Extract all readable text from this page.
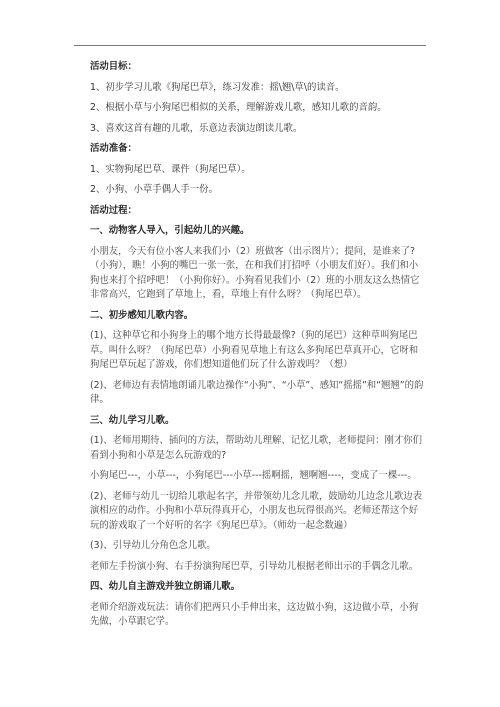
活动目标：

1、初步学习儿歌《狗尾巴草》，练习发准：摇\翘\草\的读音。

2、根据小草与小狗尾巴相似的关系，理解游戏儿歌，感知儿歌的音韵。

3、喜欢这首有趣的儿歌，乐意边表演边朗读儿歌。

活动准备：

1、实物狗尾巴草、课件（狗尾巴草）。

2、小狗、小草手偶人手一份。

活动过程：

一、动物客人导入，引起幼儿的兴趣。

小朋友，今天有位小客人来我们小（2）班做客（出示图片）；提问，是谁来了?（小狗），瞧！小狗的嘴巴一张一张，在和我们打招呼（小朋友们好）。我们和小狗也来打个招呼吧！（小狗你好）。小狗看见我们小（2）班的小朋友这么热情它非常高兴，它跑到了草地上，看，草地上有什么呀？（狗尾巴草）。

二、初步感知儿歌内容。

(1)、这种草它和小狗身上的哪个地方长得最最像?（狗的尾巴）这种草叫狗尾巴草。叫什么呀？（狗尾巴草）小狗看见草地上有这么多狗尾巴草真开心，它呀和狗尾巴草玩起了游戏，你们想知道他们玩了什么游戏吗？（想）

(2)、老师边有表情地朗诵儿歌边操作“小狗”、“小草”、感知“摇摇”和“翘翘”的韵律。

三、幼儿学习儿歌。

(1)、老师用期待、插问的方法，帮助幼儿理解、记忆儿歌，老师提问：刚才你们看到小狗和小草是怎么玩游戏的?

小狗尾巴---，小草---，小狗尾巴---小草---摇啊摇，翘啊翘----，变成了一棵---。

(2)、老师与幼儿一切给儿歌起名字，并带领幼儿念儿歌，鼓励幼儿边念儿歌边表演相应的动作。小狗和小草玩得真开心，小朋友也玩得很高兴。老师还帮这个好玩的游戏取了一个好听的名字《狗尾巴草》。（师幼一起念数遍）

(3)、引导幼儿分角色念儿歌。

老师左手扮演小狗、右手扮演狗尾巴草，引导幼儿根据老师出示的手偶念儿歌。

四、幼儿自主游戏并独立朗诵儿歌。

老师介绍游戏玩法：请你们把两只小手伸出来，这边做小狗，这边做小草，小狗先做，小草跟它学。
